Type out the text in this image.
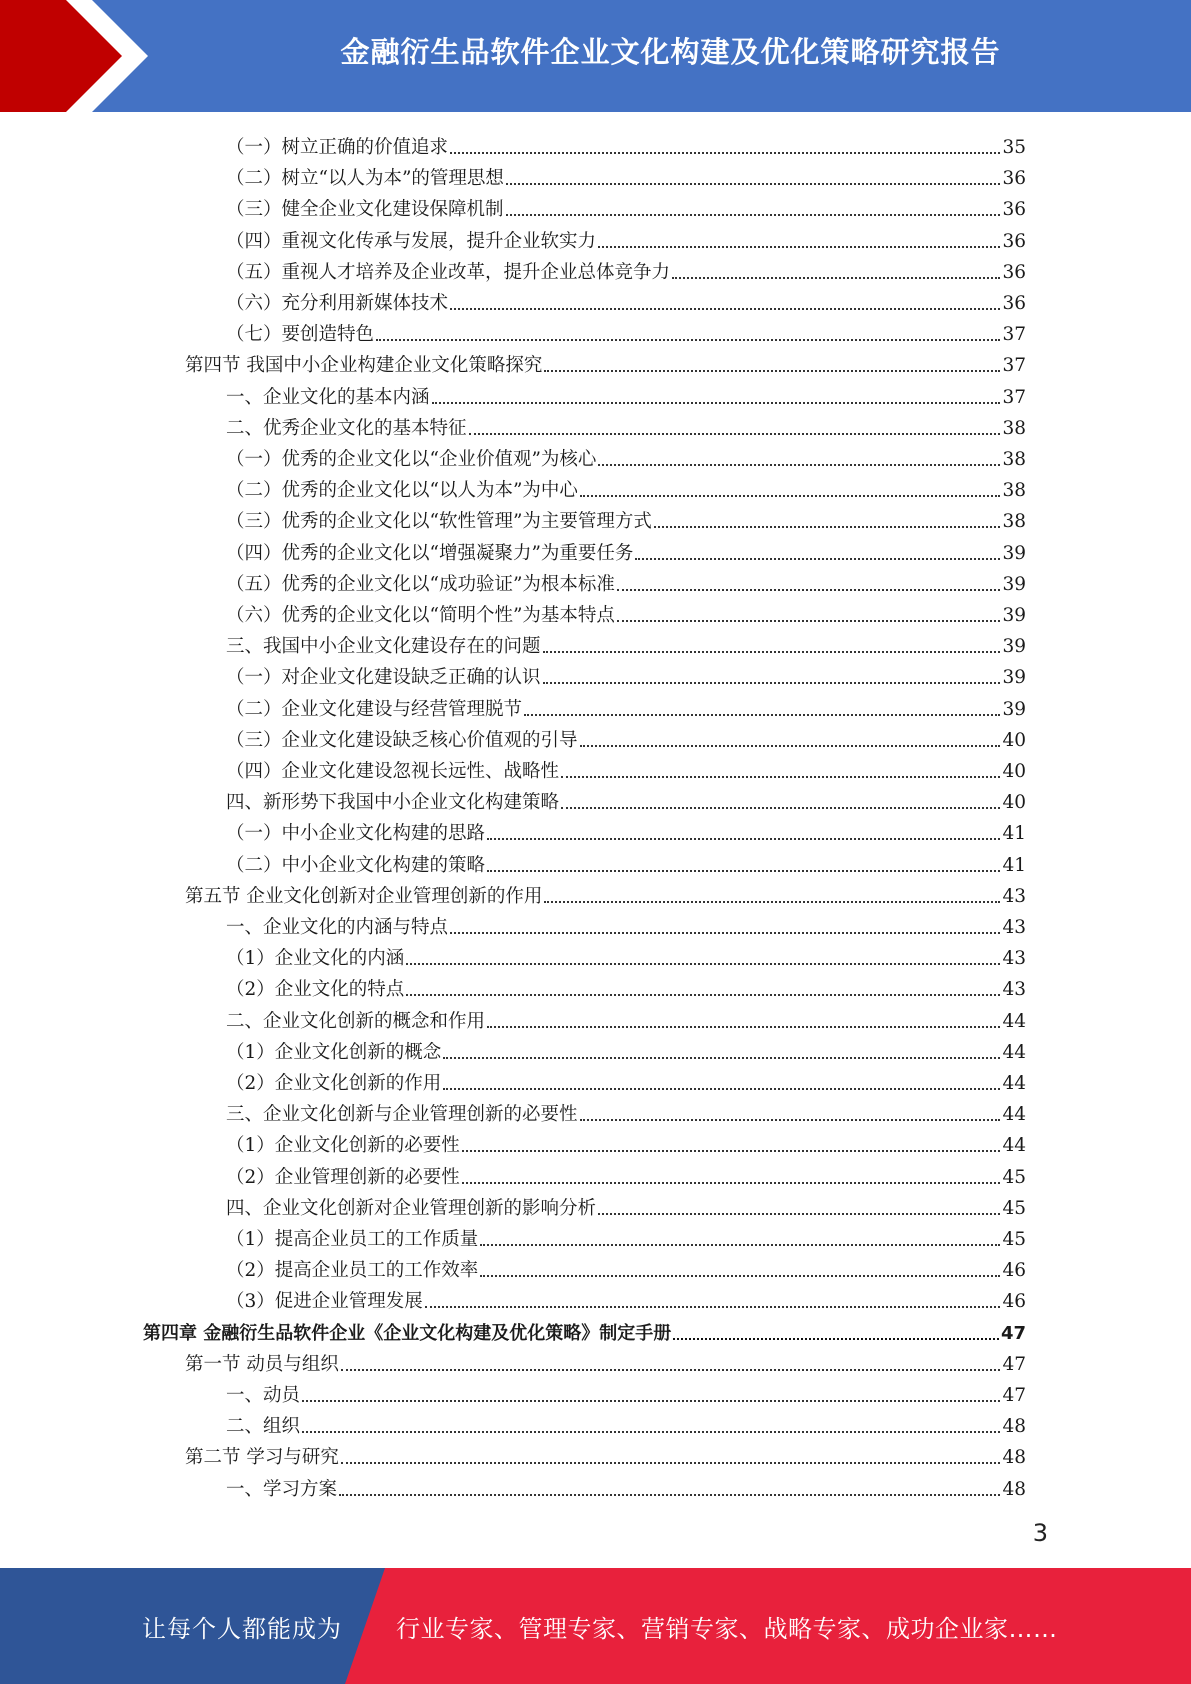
金融衍生品软件企业文化构建及优化策略研究报告
（一）树立正确的价值追求	35
（二）树立“以人为本”的管理思想	36
（三）健全企业文化建设保障机制	36
（四）重视文化传承与发展，提升企业软实力	36
（五）重视人才培养及企业改革，提升企业总体竞争力	36
（六）充分利用新媒体技术	36
（七）要创造特色	37
第四节 我国中小企业构建企业文化策略探究	37
一、企业文化的基本内涵	37
二、优秀企业文化的基本特征	38
（一）优秀的企业文化以“企业价值观”为核心	38
（二）优秀的企业文化以“以人为本”为中心	38
（三）优秀的企业文化以“软性管理”为主要管理方式	38
（四）优秀的企业文化以“增强凝聚力”为重要任务	39
（五）优秀的企业文化以“成功验证”为根本标准	39
（六）优秀的企业文化以“简明个性”为基本特点	39
三、我国中小企业文化建设存在的问题	39
（一）对企业文化建设缺乏正确的认识	39
（二）企业文化建设与经营管理脱节	39
（三）企业文化建设缺乏核心价值观的引导	40
（四）企业文化建设忽视长远性、战略性	40
四、新形势下我国中小企业文化构建策略	40
（一）中小企业文化构建的思路	41
（二）中小企业文化构建的策略	41
第五节 企业文化创新对企业管理创新的作用	43
一、企业文化的内涵与特点	43
（1）企业文化的内涵	43
（2）企业文化的特点	43
二、企业文化创新的概念和作用	44
（1）企业文化创新的概念	44
（2）企业文化创新的作用	44
三、企业文化创新与企业管理创新的必要性	44
（1）企业文化创新的必要性	44
（2）企业管理创新的必要性	45
四、企业文化创新对企业管理创新的影响分析	45
（1）提高企业员工的工作质量	45
（2）提高企业员工的工作效率	46
（3）促进企业管理发展	46
第四章 金融衍生品软件企业《企业文化构建及优化策略》制定手册	47
第一节 动员与组织	47
一、动员	47
二、组织	48
第二节 学习与研究	48
一、学习方案	48
3
让每个人都能成为 行业专家、管理专家、营销专家、战略专家、成功企业家……
